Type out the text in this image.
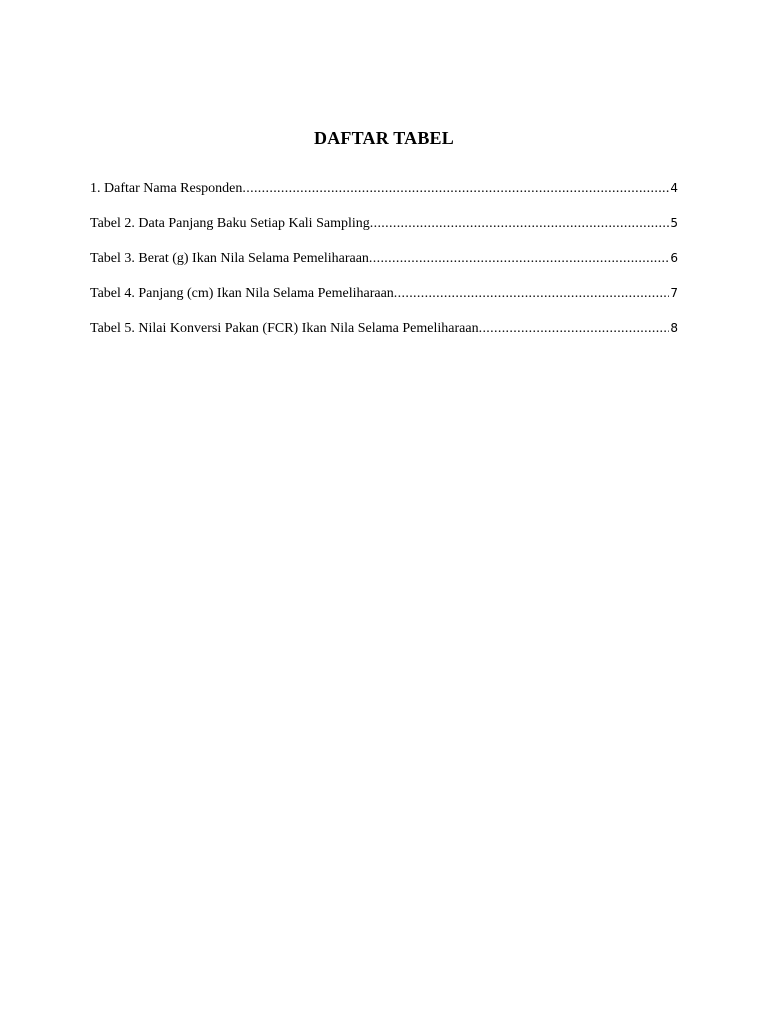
DAFTAR TABEL
1. Daftar Nama Responden .....	4
Tabel 2. Data Panjang Baku Setiap Kali Sampling .....	5
Tabel 3. Berat (g) Ikan Nila Selama Pemeliharaan .....	6
Tabel 4. Panjang (cm) Ikan Nila Selama Pemeliharaan .....	7
Tabel 5. Nilai Konversi Pakan (FCR) Ikan Nila Selama Pemeliharaan .....	8
